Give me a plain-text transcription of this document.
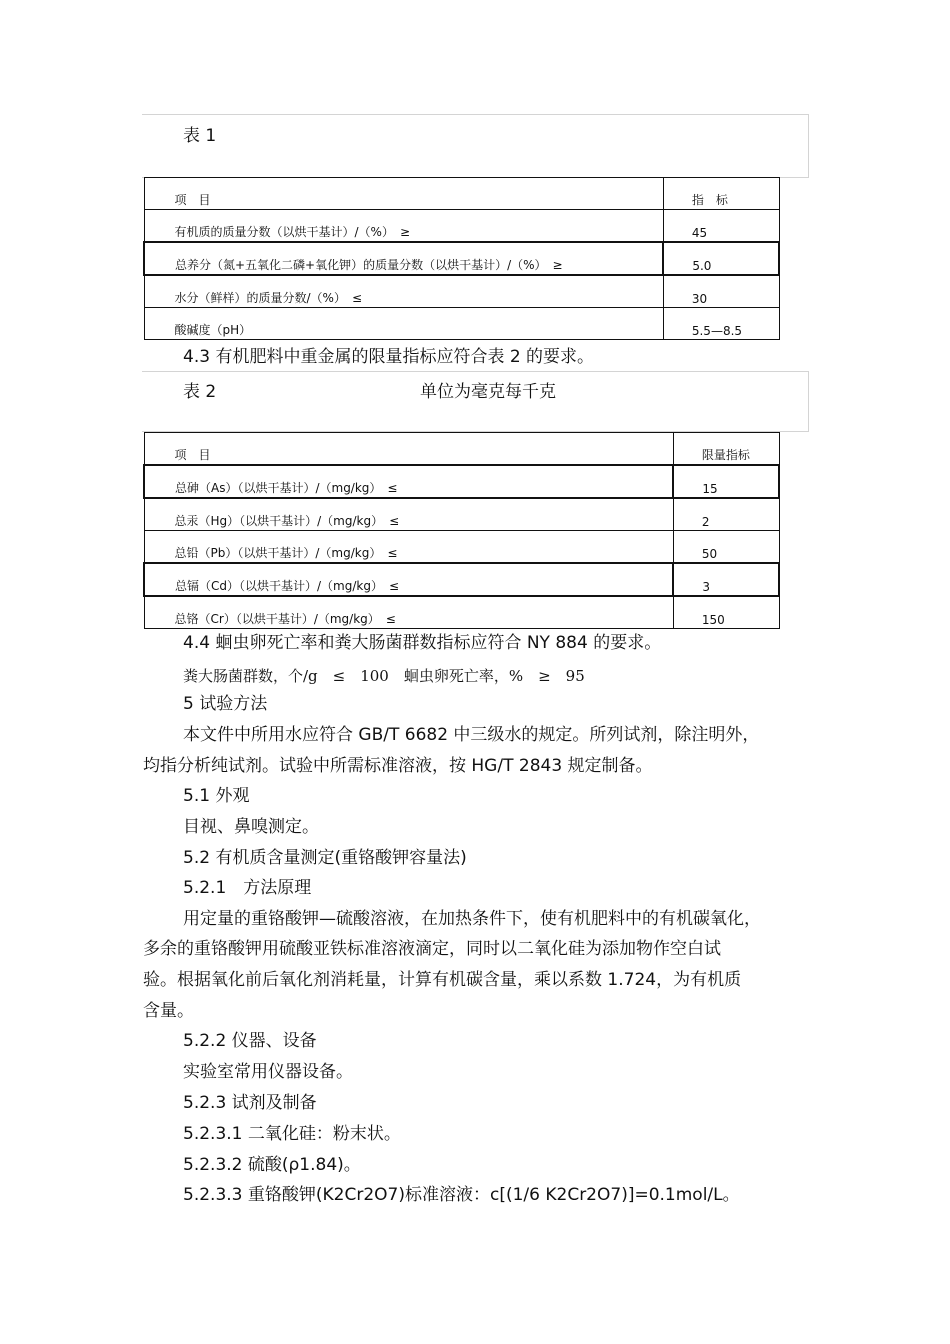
表 1
项　目	指　标

有机质的质量分数（以烘干基计）/（%）　≥	45

总养分（氮+五氧化二磷+氧化钾）的质量分数（以烘干基计）/（%）　≥	5.0

水分（鲜样）的质量分数/（%）　≤	30

酸碱度（pH）	5.5—8.5
4.3 有机肥料中重金属的限量指标应符合表 2 的要求。
表 2	单位为毫克每千克
项　目	限量指标

总砷（As）（以烘干基计）/（mg/kg）　≤	15

总汞（Hg）（以烘干基计）/（mg/kg）　≤	2

总铅（Pb）（以烘干基计）/（mg/kg）　≤	50

总镉（Cd）（以烘干基计）/（mg/kg）　≤	3

总铬（Cr）（以烘干基计）/（mg/kg）　≤	150
4.4 蛔虫卵死亡率和粪大肠菌群数指标应符合 NY 884 的要求。
粪大肠菌群数，个/g　≤　100　蛔虫卵死亡率，%　≥　95
5 试验方法
本文件中所用水应符合 GB/T 6682 中三级水的规定。所列试剂，除注明外，
均指分析纯试剂。试验中所需标准溶液，按 HG/T 2843 规定制备。
5.1 外观
目视、鼻嗅测定。
5.2 有机质含量测定(重铬酸钾容量法)
5.2.1　方法原理
用定量的重铬酸钾—硫酸溶液，在加热条件下，使有机肥料中的有机碳氧化，
多余的重铬酸钾用硫酸亚铁标准溶液滴定，同时以二氧化硅为添加物作空白试
验。根据氧化前后氧化剂消耗量，计算有机碳含量，乘以系数 1.724，为有机质
含量。
5.2.2 仪器、设备
实验室常用仪器设备。
5.2.3 试剂及制备
5.2.3.1 二氧化硅：粉末状。
5.2.3.2 硫酸(ρ1.84)。
5.2.3.3 重铬酸钾(K2Cr2O7)标准溶液：c[(1/6 K2Cr2O7)]=0.1mol/L。
